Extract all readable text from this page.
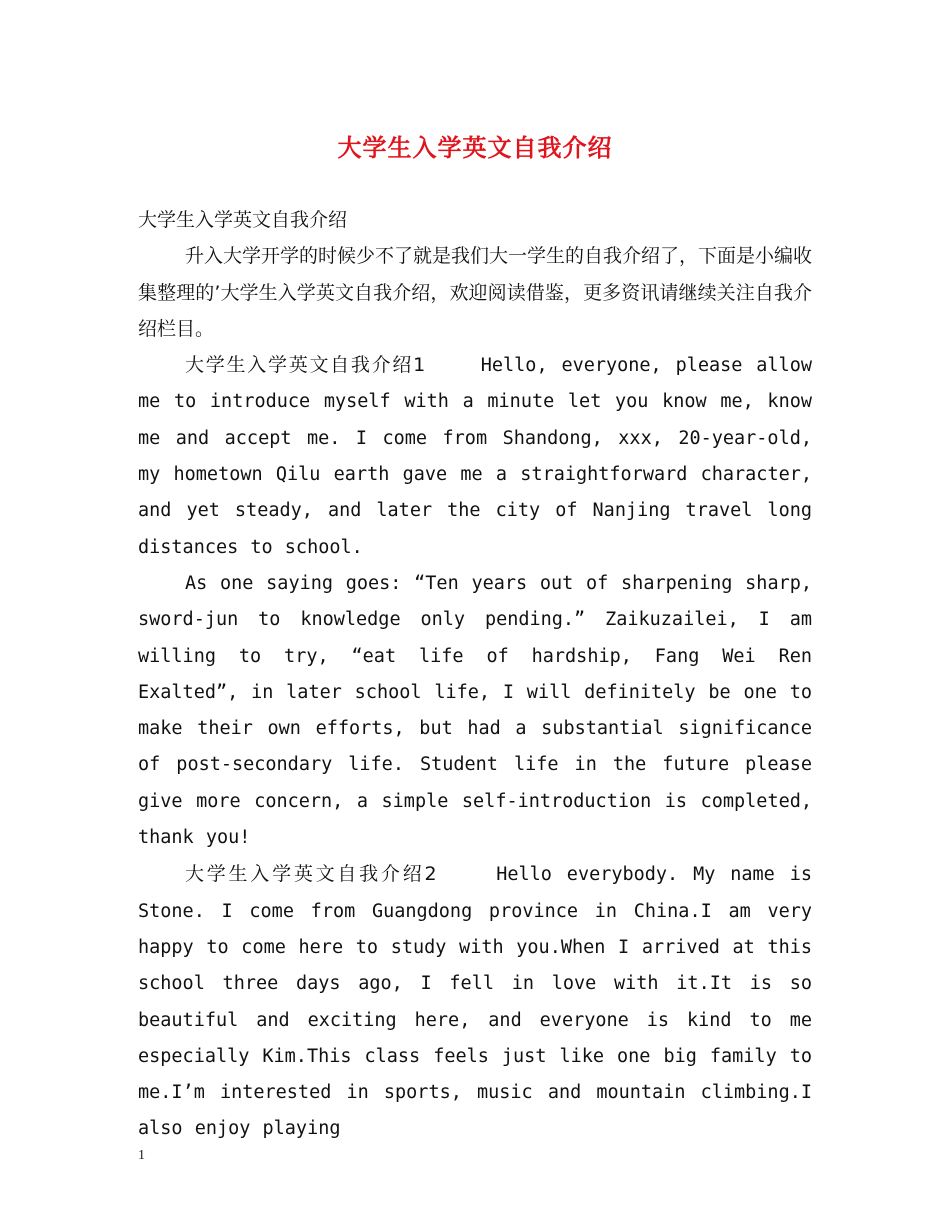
大学生入学英文自我介绍

大学生入学英文自我介绍

升入大学开学的时候少不了就是我们大一学生的自我介绍了，下面是小编收集整理的’大学生入学英文自我介绍，欢迎阅读借鉴，更多资讯请继续关注自我介绍栏目。

大学生入学英文自我介绍1	Hello, everyone, please allow me to introduce myself with a minute let you know me, know me and accept me. I come from Shandong, xxx, 20-year-old, my hometown Qilu earth gave me a straightforward character, and yet steady, and later the city of Nanjing travel long distances to school.

As one saying goes: “Ten years out of sharpening sharp, sword-jun to knowledge only pending.” Zaikuzailei, I am willing to try, “eat life of hardship, Fang Wei Ren Exalted”, in later school life, I will definitely be one to make their own efforts, but had a substantial significance of post-secondary life. Student life in the future please give more concern, a simple self-introduction is completed, thank you!

大学生入学英文自我介绍2	Hello everybody. My name is Stone. I come from Guangdong province in China.I am very happy to come here to study with you.When I arrived at this school three days ago, I fell in love with it.It is so beautiful and exciting here, and everyone is kind to me especially Kim.This class feels just like one big family to me.I’m interested in sports, music and mountain climbing.I also enjoy playing

1
